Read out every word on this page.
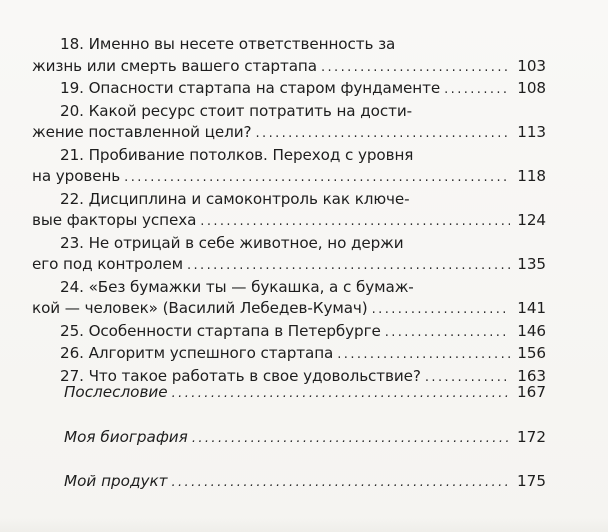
18. Именно вы несете ответственность за
жизнь или смерть вашего стартапа .....	103
19. Опасности стартапа на старом фундаменте .....	108
20. Какой ресурс стоит потратить на дости-
жение поставленной цели? .....	113
21. Пробивание потолков. Переход с уровня
на уровень .....	118
22. Дисциплина и самоконтроль как ключе-
вые факторы успеха .....	124
23. Не отрицай в себе животное, но держи
его под контролем .....	135
24. «Без бумажки ты — букашка, а с бумаж-
кой — человек» (Василий Лебедев-Кумач) .....	141
25. Особенности стартапа в Петербурге .....	146
26. Алгоритм успешного стартапа .....	156
27. Что такое работать в свое удовольствие? .....	163
Послесловие .....	167
Моя биография .....	172
Мой продукт .....	175
